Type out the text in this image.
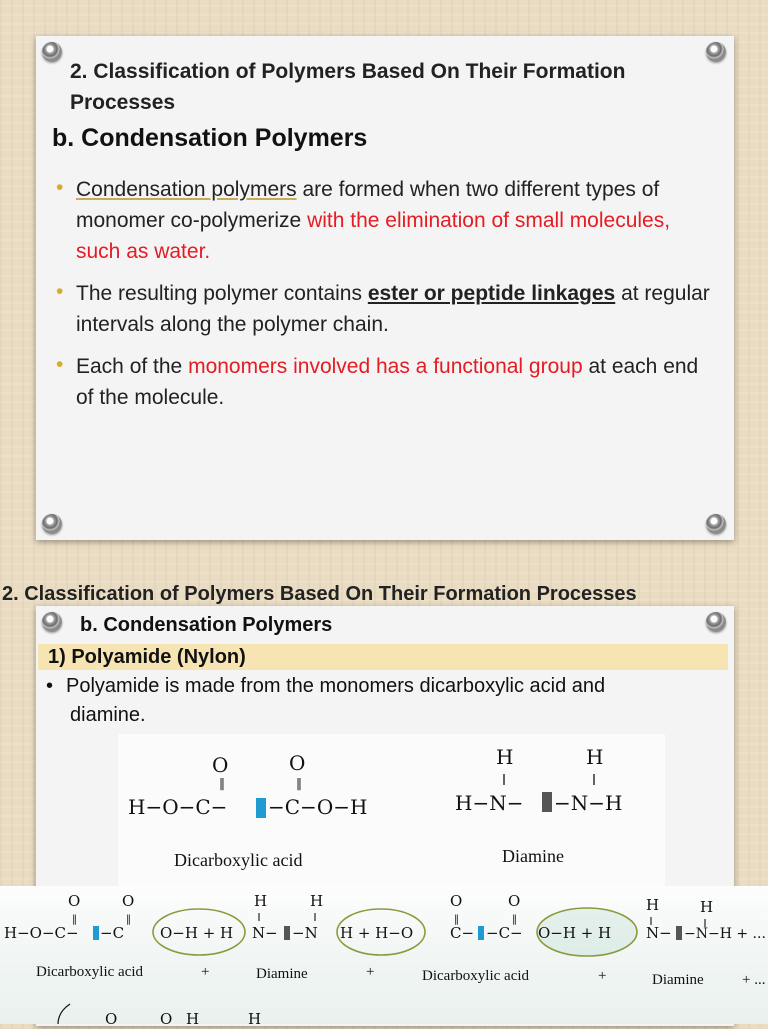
2. Classification of Polymers Based On Their Formation Processes
b. Condensation Polymers
• Condensation polymers are formed when two different types of monomer co-polymerize with the elimination of small molecules, such as water.
• The resulting polymer contains ester or peptide linkages at regular intervals along the polymer chain.
• Each of the monomers involved has a functional group at each end of the molecule.
2. Classification of Polymers Based On Their Formation Processes
b. Condensation Polymers
1) Polyamide (Nylon)
• Polyamide is made from the monomers dicarboxylic acid and
diamine.
O	O
‖	‖
H−O−C− −C−O−H
Dicarboxylic acid
H	H
H−N− −N−H
Diamine
O	O	H	H	O	O	H	H
‖	‖	‖	‖
H−O−C− −C O−H + H N− −N H + H−O C− −C− O−H + H N− −N−H + ...
Dicarboxylic acid	+	Diamine	+	Dicarboxylic acid	+	Diamine	+ ...
O	O H	H
